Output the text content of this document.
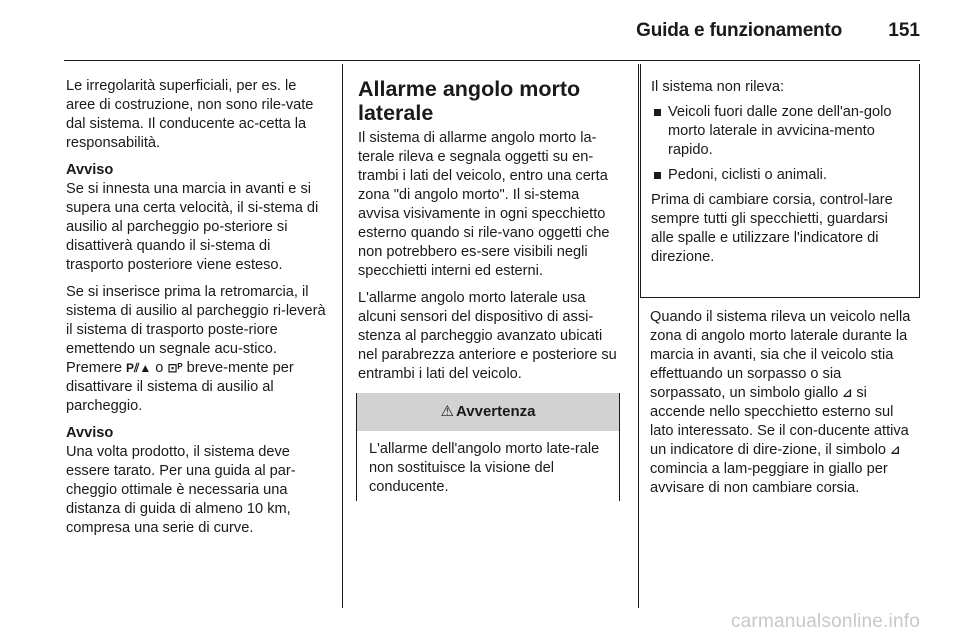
Guida e funzionamento 151

Le irregolarità superficiali, per es. le aree di costruzione, non sono rile-vate dal sistema. Il conducente ac-cetta la responsabilità.

Avviso
Se si innesta una marcia in avanti e si supera una certa velocità, il si-stema di ausilio al parcheggio po-steriore si disattiverà quando il si-stema di trasporto posteriore viene esteso.

Se si inserisce prima la retromarcia, il sistema di ausilio al parcheggio ri-leverà il sistema di trasporto poste-riore emettendo un segnale acu-stico. Premere P⫽▲ o ⊡ᴾ breve-mente per disattivare il sistema di ausilio al parcheggio.

Avviso
Una volta prodotto, il sistema deve essere tarato. Per una guida al par-cheggio ottimale è necessaria una distanza di guida di almeno 10 km, compresa una serie di curve.

Allarme angolo morto laterale

Il sistema di allarme angolo morto la-terale rileva e segnala oggetti su en-trambi i lati del veicolo, entro una certa zona "di angolo morto". Il si-stema avvisa visivamente in ogni specchietto esterno quando si rile-vano oggetti che non potrebbero es-sere visibili negli specchietti interni ed esterni.

L'allarme angolo morto laterale usa alcuni sensori del dispositivo di assi-stenza al parcheggio avanzato ubicati nel parabrezza anteriore e posteriore su entrambi i lati del veicolo.

⚠ Avvertenza
L'allarme dell'angolo morto late-rale non sostituisce la visione del conducente.

Il sistema non rileva:

Veicoli fuori dalle zone dell'an-golo morto laterale in avvicina-mento rapido.
Pedoni, ciclisti o animali.

Prima di cambiare corsia, control-lare sempre tutti gli specchietti, guardarsi alle spalle e utilizzare l'indicatore di direzione.

Quando il sistema rileva un veicolo nella zona di angolo morto laterale durante la marcia in avanti, sia che il veicolo stia effettuando un sorpasso o sia sorpassato, un simbolo giallo ⊿ si accende nello specchietto esterno sul lato interessato. Se il con-ducente attiva un indicatore di dire-zione, il simbolo ⊿ comincia a lam-peggiare in giallo per avvisare di non cambiare corsia.

carmanualsonline.info
